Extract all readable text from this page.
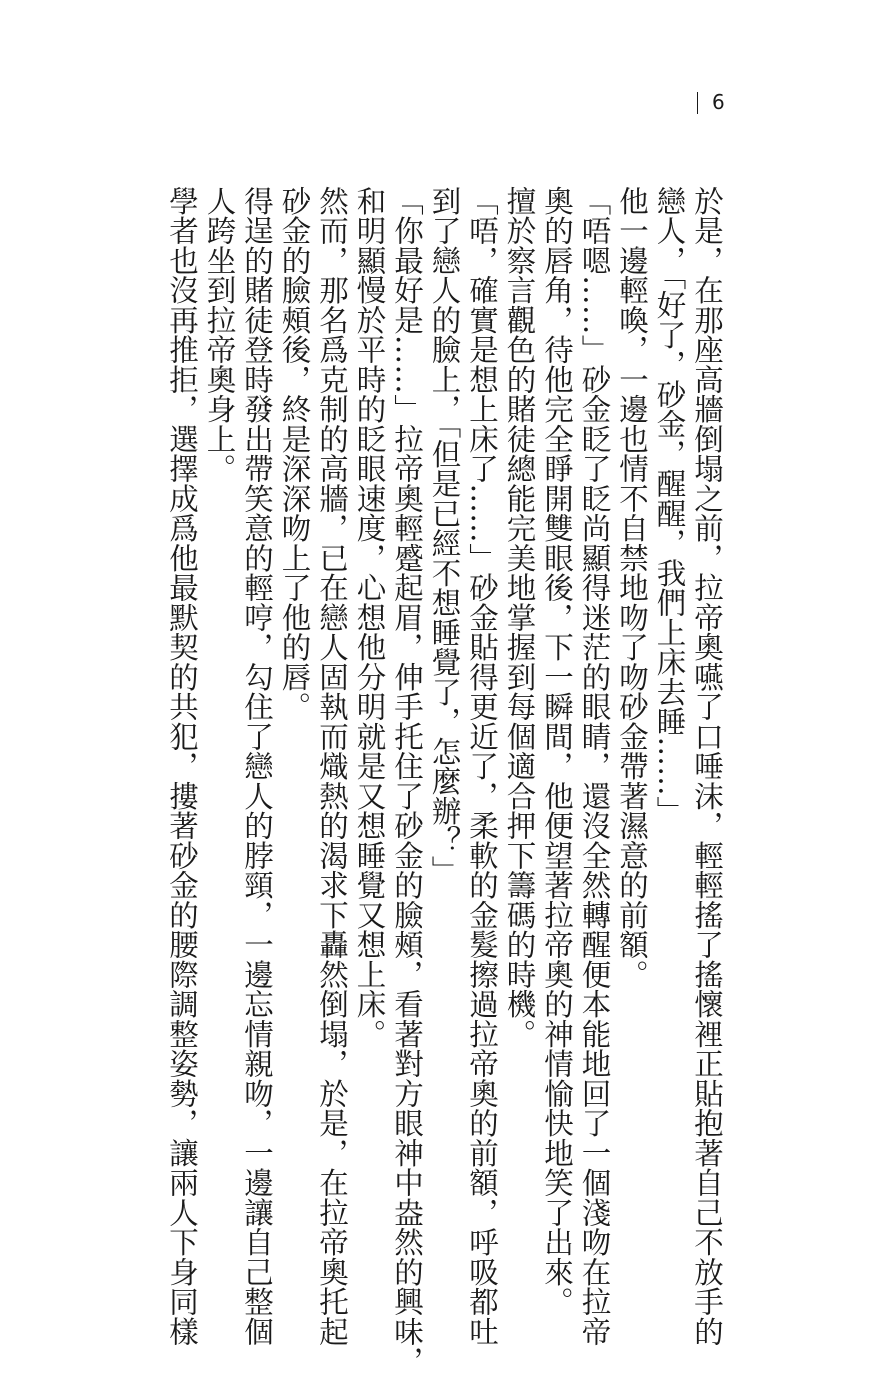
6

於是，在那座高牆倒塌之前，拉帝奧嚥了口唾沫，輕輕搖了搖懷裡正貼抱著自己不放手的

戀人，「好了，砂金，醒醒，我們上床去睡……」

他一邊輕喚，一邊也情不自禁地吻了吻砂金帶著濕意的前額。

「唔嗯……」砂金眨了眨尚顯得迷茫的眼睛，還沒全然轉醒便本能地回了一個淺吻在拉帝

奧的唇角，待他完全睜開雙眼後，下一瞬間，他便望著拉帝奧的神情愉快地笑了出來。

擅於察言觀色的賭徒總能完美地掌握到每個適合押下籌碼的時機。

「唔，確實是想上床了……」砂金貼得更近了，柔軟的金髮擦過拉帝奧的前額，呼吸都吐

到了戀人的臉上，「但是已經不想睡覺了，怎麼辦？」

「你最好是……」拉帝奧輕蹙起眉，伸手托住了砂金的臉頰，看著對方眼神中盎然的興味，

和明顯慢於平時的眨眼速度，心想他分明就是又想睡覺又想上床。

然而，那名爲克制的高牆，已在戀人固執而熾熱的渴求下轟然倒塌，於是，在拉帝奧托起

砂金的臉頰後，終是深深吻上了他的唇。

得逞的賭徒登時發出帶笑意的輕哼，勾住了戀人的脖頸，一邊忘情親吻，一邊讓自己整個

人跨坐到拉帝奧身上。

學者也沒再推拒，選擇成爲他最默契的共犯，摟著砂金的腰際調整姿勢，讓兩人下身同樣
